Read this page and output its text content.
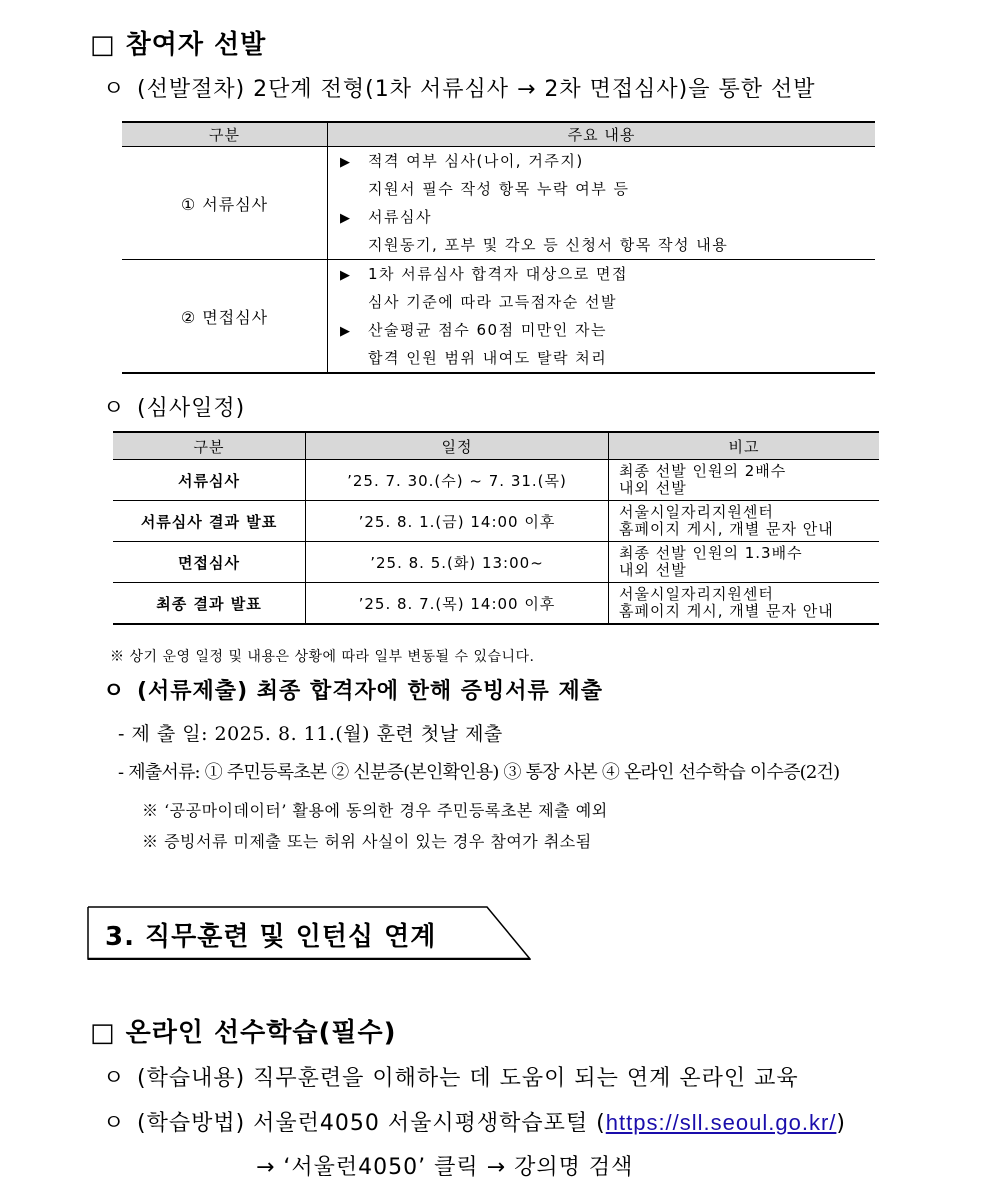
□ 참여자 선발
ㅇ (선발절차) 2단계 전형(1차 서류심사 → 2차 면접심사)을 통한 선발
구분	주요 내용
① 서류심사	▶ 적격 여부 심사(나이, 거주지)
지원서 필수 작성 항목 누락 여부 등
▶ 서류심사
지원동기, 포부 및 각오 등 신청서 항목 작성 내용

② 면접심사	▶ 1차 서류심사 합격자 대상으로 면접
심사 기준에 따라 고득점자순 선발
▶ 산술평균 점수 60점 미만인 자는
합격 인원 범위 내여도 탈락 처리
ㅇ (심사일정)
구분	일정	비고
서류심사	’25. 7. 30.(수) ~ 7. 31.(목)	최종 선발 인원의 2배수
내외 선발

서류심사 결과 발표	’25. 8. 1.(금) 14:00 이후	서울시일자리지원센터
홈페이지 게시, 개별 문자 안내

면접심사	’25. 8. 5.(화) 13:00~	최종 선발 인원의 1.3배수
내외 선발

최종 결과 발표	’25. 8. 7.(목) 14:00 이후	서울시일자리지원센터
홈페이지 게시, 개별 문자 안내
※ 상기 운영 일정 및 내용은 상황에 따라 일부 변동될 수 있습니다.
ㅇ (서류제출) 최종 합격자에 한해 증빙서류 제출
- 제 출 일: 2025. 8. 11.(월) 훈련 첫날 제출
- 제출서류: ① 주민등록초본 ② 신분증(본인확인용) ③ 통장 사본 ④ 온라인 선수학습 이수증(2건)
※ ‘공공마이데이터’ 활용에 동의한 경우 주민등록초본 제출 예외
※ 증빙서류 미제출 또는 허위 사실이 있는 경우 참여가 취소됨
3. 직무훈련 및 인턴십 연계
□ 온라인 선수학습(필수)
ㅇ (학습내용) 직무훈련을 이해하는 데 도움이 되는 연계 온라인 교육
ㅇ (학습방법) 서울런4050 서울시평생학습포털 (https://sll.seoul.go.kr/)
→ ‘서울런4050’ 클릭 → 강의명 검색
